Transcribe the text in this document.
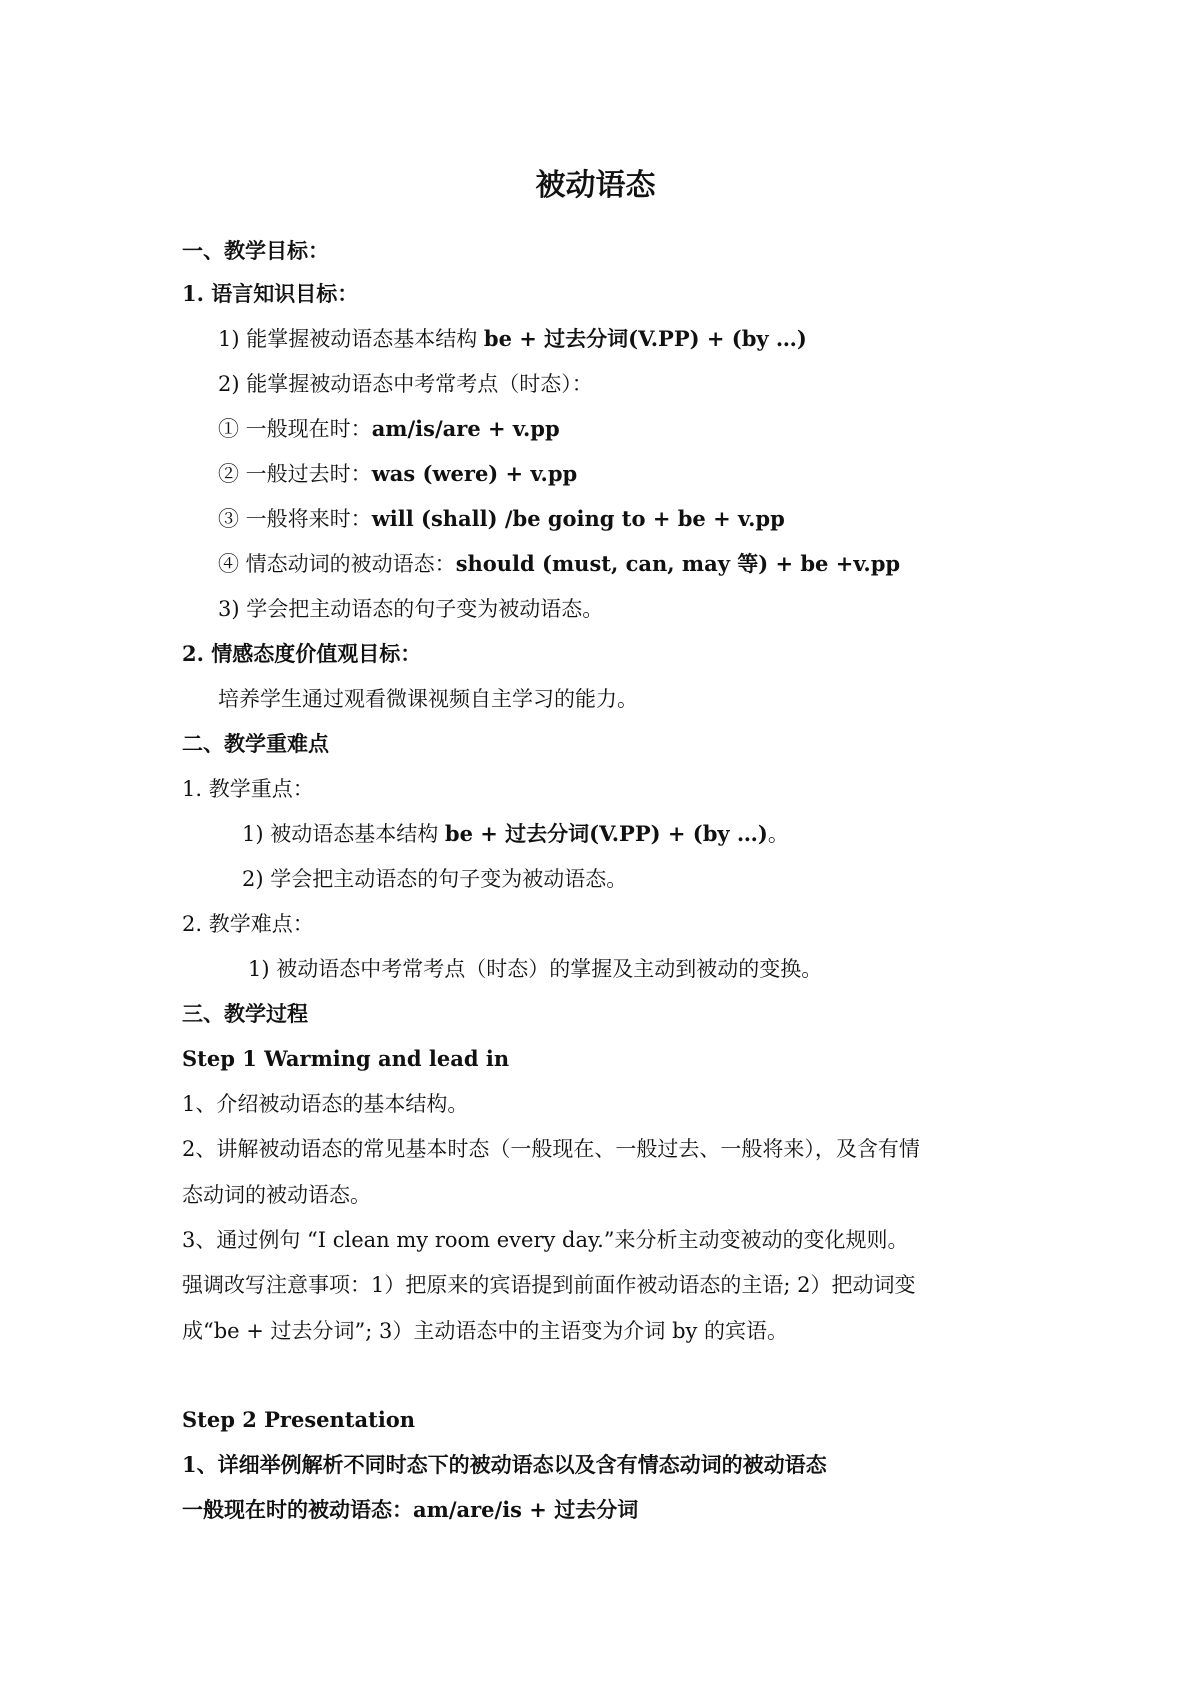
被动语态
一、教学目标：
1. 语言知识目标：
1) 能掌握被动语态基本结构 be + 过去分词(V.PP) + (by …)
2) 能掌握被动语态中考常考点（时态）：
① 一般现在时：am/is/are + v.pp
② 一般过去时：was (were) + v.pp
③ 一般将来时：will (shall) /be going to + be + v.pp
④ 情态动词的被动语态：should (must, can, may 等) + be +v.pp
3) 学会把主动语态的句子变为被动语态。
2. 情感态度价值观目标：
培养学生通过观看微课视频自主学习的能力。
二、教学重难点
1. 教学重点：
1) 被动语态基本结构 be + 过去分词(V.PP) + (by …)。
2) 学会把主动语态的句子变为被动语态。
2. 教学难点：
1) 被动语态中考常考点（时态）的掌握及主动到被动的变换。
三、教学过程
Step 1 Warming and lead in
1、介绍被动语态的基本结构。
2、讲解被动语态的常见基本时态（一般现在、一般过去、一般将来），及含有情
态动词的被动语态。
3、通过例句 “I clean my room every day.”来分析主动变被动的变化规则。
强调改写注意事项：1）把原来的宾语提到前面作被动语态的主语; 2）把动词变
成“be + 过去分词”; 3）主动语态中的主语变为介词 by 的宾语。
Step 2 Presentation
1、详细举例解析不同时态下的被动语态以及含有情态动词的被动语态
一般现在时的被动语态：am/are/is + 过去分词
